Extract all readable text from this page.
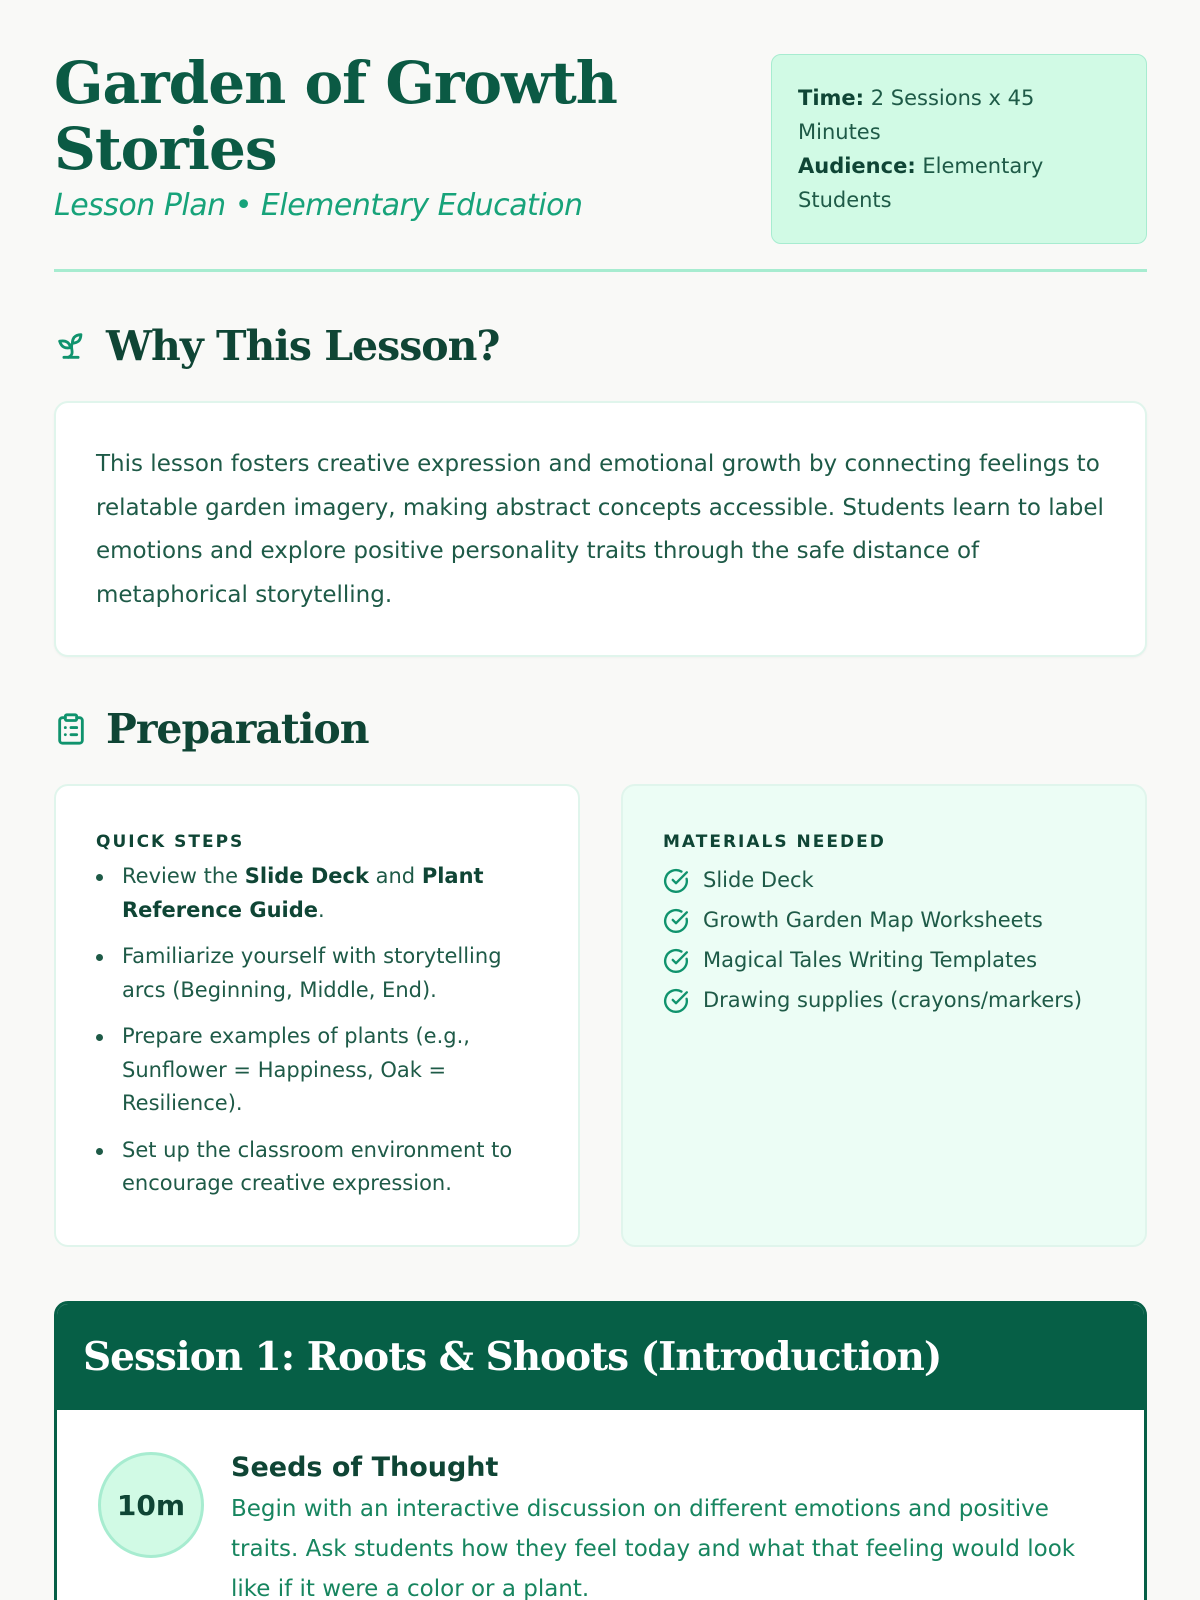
Garden of Growth Stories
Lesson Plan • Elementary Education
Time: 2 Sessions x 45 Minutes
Audience: Elementary Students
Why This Lesson?

This lesson fosters creative expression and emotional growth by connecting feelings to relatable garden imagery, making abstract concepts accessible. Students learn to label emotions and explore positive personality traits through the safe distance of metaphorical storytelling.

Preparation
QUICK STEPS
Review the Slide Deck and Plant Reference Guide.
Familiarize yourself with storytelling arcs (Beginning, Middle, End).
Prepare examples of plants (e.g., Sunflower = Happiness, Oak = Resilience).
Set up the classroom environment to encourage creative expression.
MATERIALS NEEDED
Slide Deck
Growth Garden Map Worksheets
Magical Tales Writing Templates
Drawing supplies (crayons/markers)
Session 1: Roots & Shoots (Introduction)
10m
Seeds of Thought

Begin with an interactive discussion on different emotions and positive traits. Ask students how they feel today and what that feeling would look like if it were a color or a plant.
